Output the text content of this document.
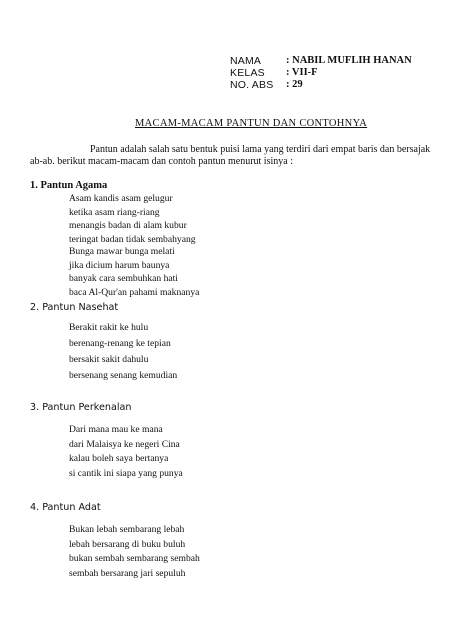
NAMA : NABIL MUFLIH HANAN
KELAS : VII-F
NO. ABS : 29
MACAM-MACAM PANTUN DAN CONTOHNYA
Pantun adalah salah satu bentuk puisi lama yang terdiri dari empat baris dan bersajak
ab-ab. berikut macam-macam dan contoh pantun menurut isinya :
1. Pantun Agama
Asam kandis asam gelugur
ketika asam riang-riang
menangis badan di alam kubur
teringat badan tidak sembahyang
Bunga mawar bunga melati
jika dicium harum baunya
banyak cara sembuhkan hati
baca Al-Qur'an pahami maknanya
2. Pantun Nasehat
Berakit rakit ke hulu
berenang-renang ke tepian
bersakit sakit dahulu
bersenang senang kemudian
3. Pantun Perkenalan
Dari mana mau ke mana
dari Malaisya ke negeri Cina
kalau boleh saya bertanya
si cantik ini siapa yang punya
4. Pantun Adat
Bukan lebah sembarang lebah
lebah bersarang di buku buluh
bukan sembah sembarang sembah
sembah bersarang jari sepuluh
